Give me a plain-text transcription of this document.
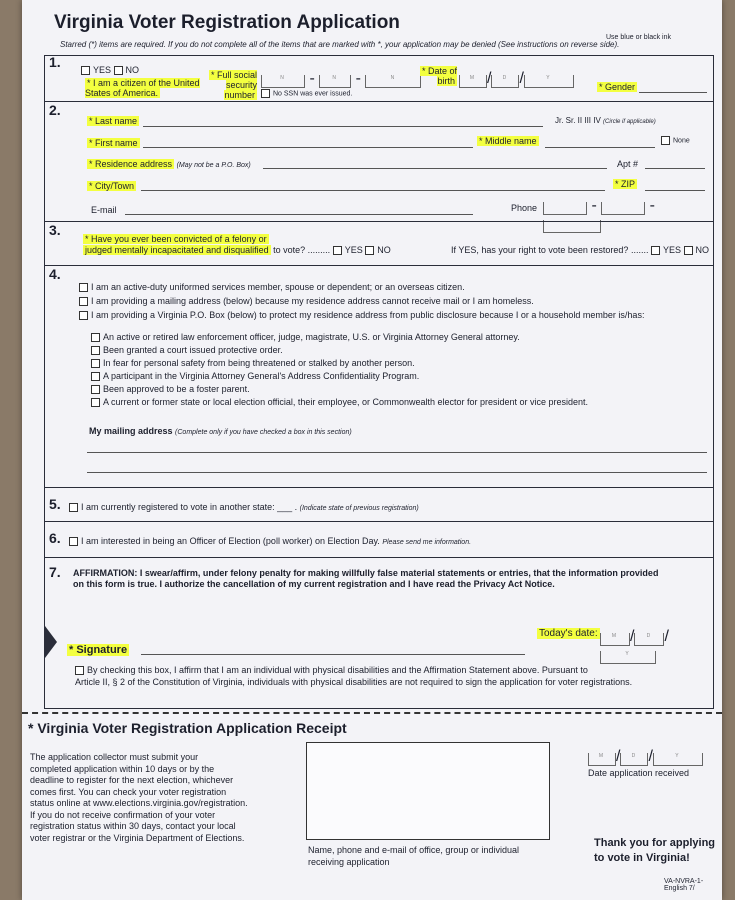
Virginia Voter Registration Application
Use blue or black ink
Starred (*) items are required. If you do not complete all of the items that are marked with *, your application may be denied (See instructions on reverse side).
1.	YES NO
* I am a citizen of the United States of America.
* Full social security number
N -	N -	N
No SSN was ever issued.
* Date of birth	M / D /	Y
* Gender
2.
* Last name	Jr. Sr. II III IV (Circle if applicable)
* First name	* Middle name	None
* Residence address (May not be a P.O. Box)	Apt #
* City/Town	* ZIP
E-mail	Phone	-	-
3.
* Have you ever been convicted of a felony or
judged mentally incapacitated and disqualified to vote? ......... YES NO	If YES, has your right to vote been restored? ....... YES NO
4.
I am an active-duty uniformed services member, spouse or dependent; or an overseas citizen.
I am providing a mailing address (below) because my residence address cannot receive mail or I am homeless.
I am providing a Virginia P.O. Box (below) to protect my residence address from public disclosure because I or a household member is/has:
An active or retired law enforcement officer, judge, magistrate, U.S. or Virginia Attorney General attorney.
Been granted a court issued protective order.
In fear for personal safety from being threatened or stalked by another person.
A participant in the Virginia Attorney General's Address Confidentiality Program.
Been approved to be a foster parent.
A current or former state or local election official, their employee, or Commonwealth elector for president or vice president.
My mailing address (Complete only if you have checked a box in this section)
5.	I am currently registered to vote in another state: ___ . (Indicate state of previous registration)
6.	I am interested in being an Officer of Election (poll worker) on Election Day. Please send me information.
7. AFFIRMATION: I swear/affirm, under felony penalty for making willfully false material statements or entries, that the information provided
on this form is true. I authorize the cancellation of my current registration and I have read the Privacy Act Notice.
Today's date:	M / D /Y
* Signature
By checking this box, I affirm that I am an individual with physical disabilities and the Affirmation Statement above. Pursuant to
Article II, § 2 of the Constitution of Virginia, individuals with physical disabilities are not required to sign the application for voter registrations.
* Virginia Voter Registration Application Receipt
The application collector must submit your
completed application within 10 days or by the
deadline to register for the next election, whichever
comes first. You can check your voter registration
status online at www.elections.virginia.gov/registration.
If you do not receive confirmation of your voter
registration status within 30 days, contact your local
voter registrar or the Virginia Department of Elections.
Name, phone and e-mail of office, group or individual
receiving application
M / D /	Y
Date application received
Thank you for applying
to vote in Virginia!
VA-NVRA-1-English 7/
